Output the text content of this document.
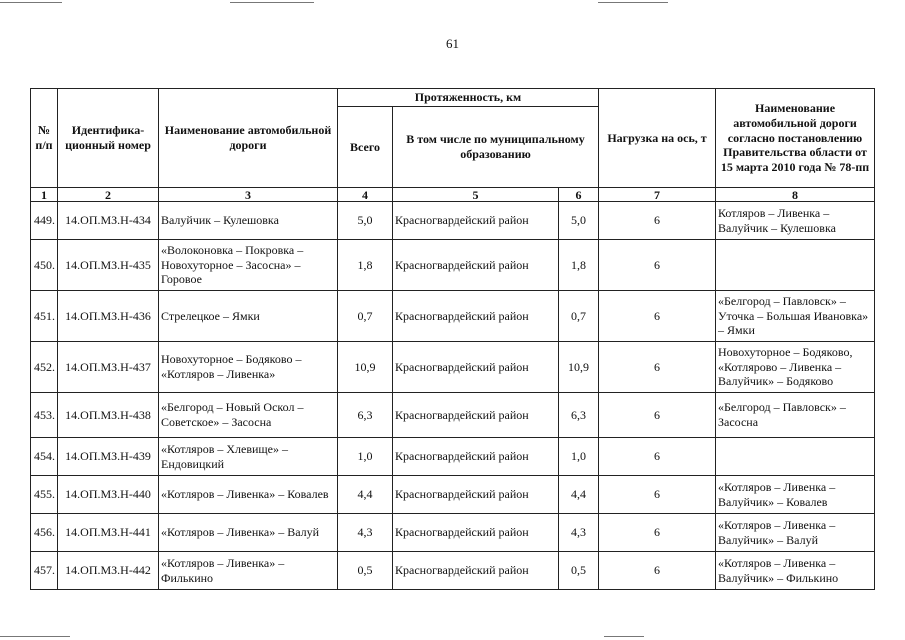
61
№ п/п	Идентифика-ционный номер	Наименование автомобильной дороги	Протяженность, км			Нагрузка на ось, т	Наименование автомобильной дороги согласно постановлению Правительства области от 15 марта 2010 года № 78-пп
			Всего	В том числе по муниципальному образованию			
1	2	3	4	5	6	7	8
449.	14.ОП.МЗ.Н-434	Валуйчик – Кулешовка	5,0	Красногвардейский район	5,0	6	Котляров – Ливенка – Валуйчик – Кулешовка
450.	14.ОП.МЗ.Н-435	«Волоконовка – Покровка – Новохуторное – Засосна» – Горовое	1,8	Красногвардейский район	1,8	6	
451.	14.ОП.МЗ.Н-436	Стрелецкое – Ямки	0,7	Красногвардейский район	0,7	6	«Белгород – Павловск» – Уточка – Большая Ивановка» – Ямки
452.	14.ОП.МЗ.Н-437	Новохуторное – Бодяково – «Котляров – Ливенка»	10,9	Красногвардейский район	10,9	6	Новохуторное – Бодяково, «Котлярово – Ливенка – Валуйчик» – Бодяково
453.	14.ОП.МЗ.Н-438	«Белгород – Новый Оскол – Советское» – Засосна	6,3	Красногвардейский район	6,3	6	«Белгород – Павловск» – Засосна
454.	14.ОП.МЗ.Н-439	«Котляров – Хлевище» – Ендовицкий	1,0	Красногвардейский район	1,0	6	
455.	14.ОП.МЗ.Н-440	«Котляров – Ливенка» – Ковалев	4,4	Красногвардейский район	4,4	6	«Котляров – Ливенка – Валуйчик» – Ковалев
456.	14.ОП.МЗ.Н-441	«Котляров – Ливенка» – Валуй	4,3	Красногвардейский район	4,3	6	«Котляров – Ливенка – Валуйчик» – Валуй
457.	14.ОП.МЗ.Н-442	«Котляров – Ливенка» – Филькино	0,5	Красногвардейский район	0,5	6	«Котляров – Ливенка – Валуйчик» – Филькино
